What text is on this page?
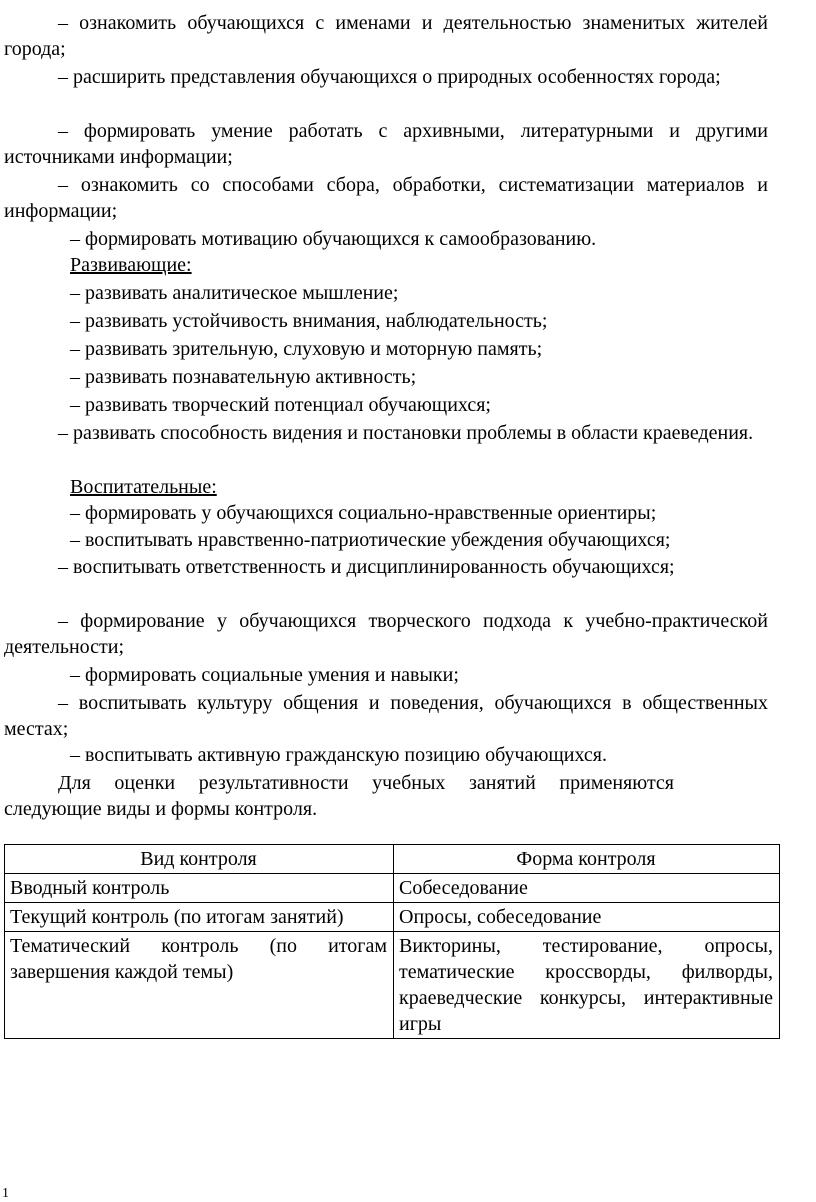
– ознакомить обучающихся с именами и деятельностью знаменитых жителей города;

– расширить представления обучающихся о природных особенностях города;

– формировать умение работать с архивными, литературными и другими источниками информации;

– ознакомить со способами сбора, обработки, систематизации материалов и информации;

– формировать мотивацию обучающихся к самообразованию.

Развивающие:

– развивать аналитическое мышление;

– развивать устойчивость внимания, наблюдательность;

– развивать зрительную, слуховую и моторную память;

– развивать познавательную активность;

– развивать творческий потенциал обучающихся;

– развивать способность видения и постановки проблемы в области краеведения.

Воспитательные:

– формировать у обучающихся социально-нравственные ориентиры;

– воспитывать нравственно-патриотические убеждения обучающихся;

– воспитывать ответственность и дисциплинированность обучающихся;

– формирование у обучающихся творческого подхода к учебно-практической деятельности;

– формировать социальные умения и навыки;

– воспитывать культуру общения и поведения, обучающихся в общественных местах;

– воспитывать активную гражданскую позицию обучающихся.

Для оценки результативности учебных занятий применяются следующие виды и формы контроля.

Вид контроля	Форма контроля
Вводный контроль	Собеседование
Текущий контроль (по итогам занятий)	Опросы, собеседование
Тематический контроль (по итогам завершения каждой темы)	Викторины, тестирование, опросы, тематические кроссворды, филворды, краеведческие конкурсы, интерактивные игры
1
